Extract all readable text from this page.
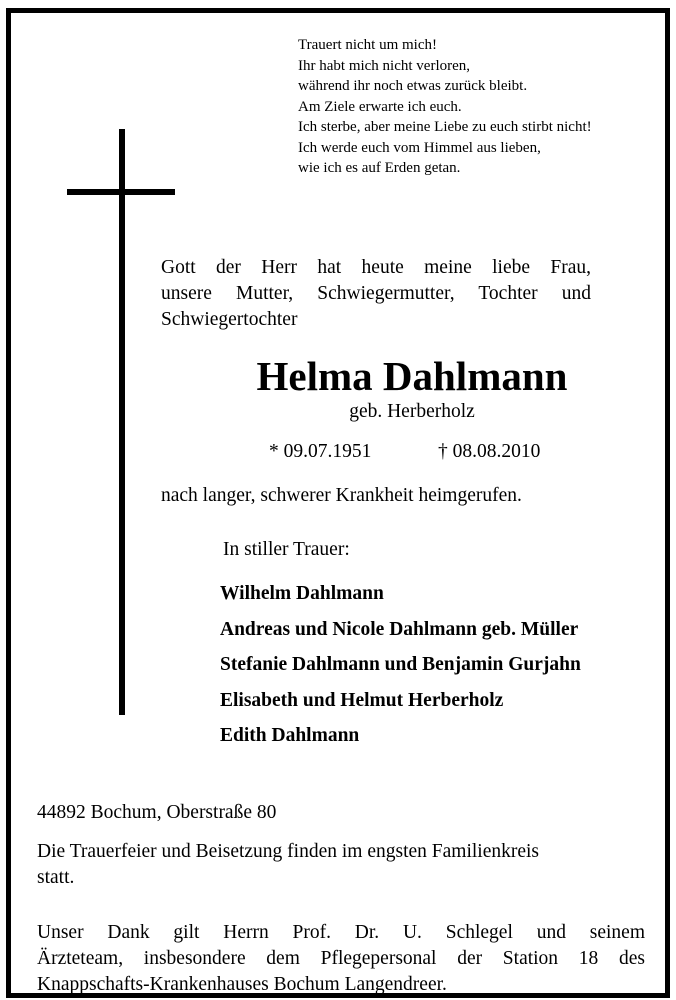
Trauert nicht um mich!
Ihr habt mich nicht verloren,
während ihr noch etwas zurück bleibt.
Am Ziele erwarte ich euch.
Ich sterbe, aber meine Liebe zu euch stirbt nicht!
Ich werde euch vom Himmel aus lieben,
wie ich es auf Erden getan.
Gott der Herr hat heute meine liebe Frau,
unsere Mutter, Schwiegermutter, Tochter und
Schwiegertochter
Helma Dahlmann
geb. Herberholz
* 09.07.1951	† 08.08.2010
nach langer, schwerer Krankheit heimgerufen.
In stiller Trauer:
Wilhelm Dahlmann
Andreas und Nicole Dahlmann geb. Müller
Stefanie Dahlmann und Benjamin Gurjahn
Elisabeth und Helmut Herberholz
Edith Dahlmann
44892 Bochum, Oberstraße 80
Die Trauerfeier und Beisetzung finden im engsten Familienkreis
statt.
Unser Dank gilt Herrn Prof. Dr. U. Schlegel und seinem
Ärzteteam, insbesondere dem Pflegepersonal der Station 18 des
Knappschafts-Krankenhauses Bochum Langendreer.
